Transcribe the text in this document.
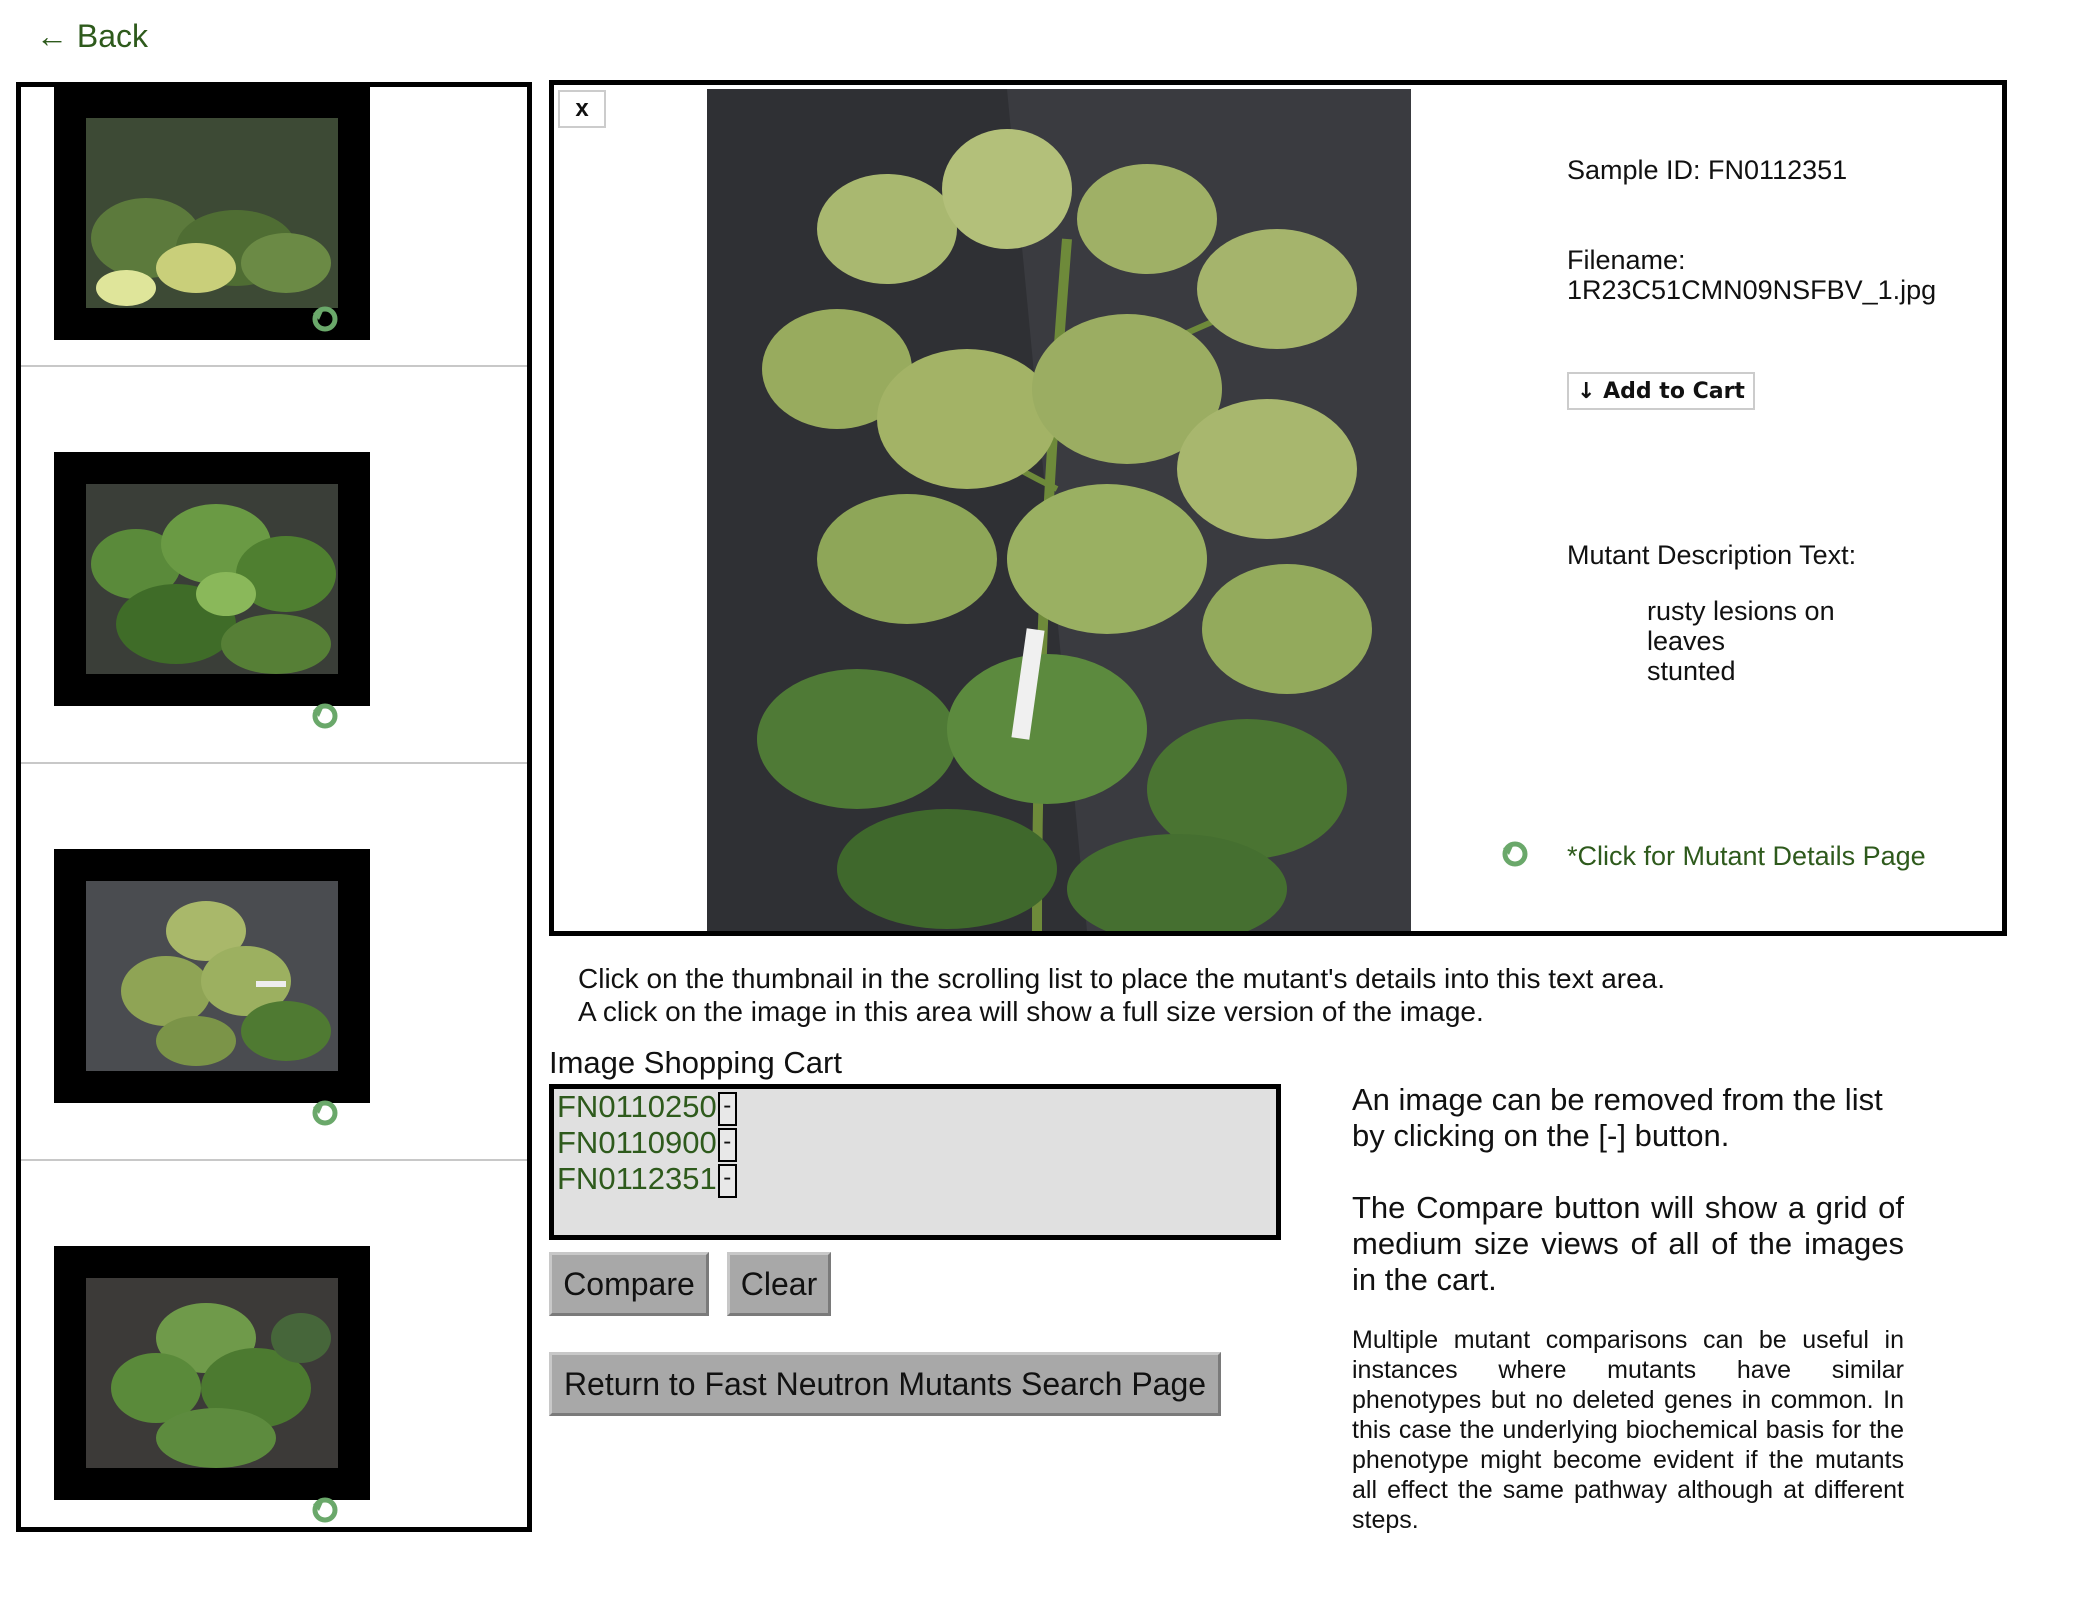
← Back
x
Sample ID: FN0112351
Filename:
1R23C51CMN09NSFBV_1.jpg
↓ Add to Cart
Mutant Description Text:
rusty lesions on
leaves
stunted
*Click for Mutant Details Page
Click on the thumbnail in the scrolling list to place the mutant's details into this text area.
A click on the image in this area will show a full size version of the image.
Image Shopping Cart
FN0110250 -
FN0110900 -
FN0112351 -
Compare	Clear
Return to Fast Neutron Mutants Search Page
An image can be removed from the list by clicking on the [-] button.
The Compare button will show a grid of medium size views of all of the images in the cart.
Multiple mutant comparisons can be useful in instances where mutants have similar phenotypes but no deleted genes in common. In this case the underlying biochemical basis for the phenotype might become evident if the mutants all effect the same pathway although at different steps.
